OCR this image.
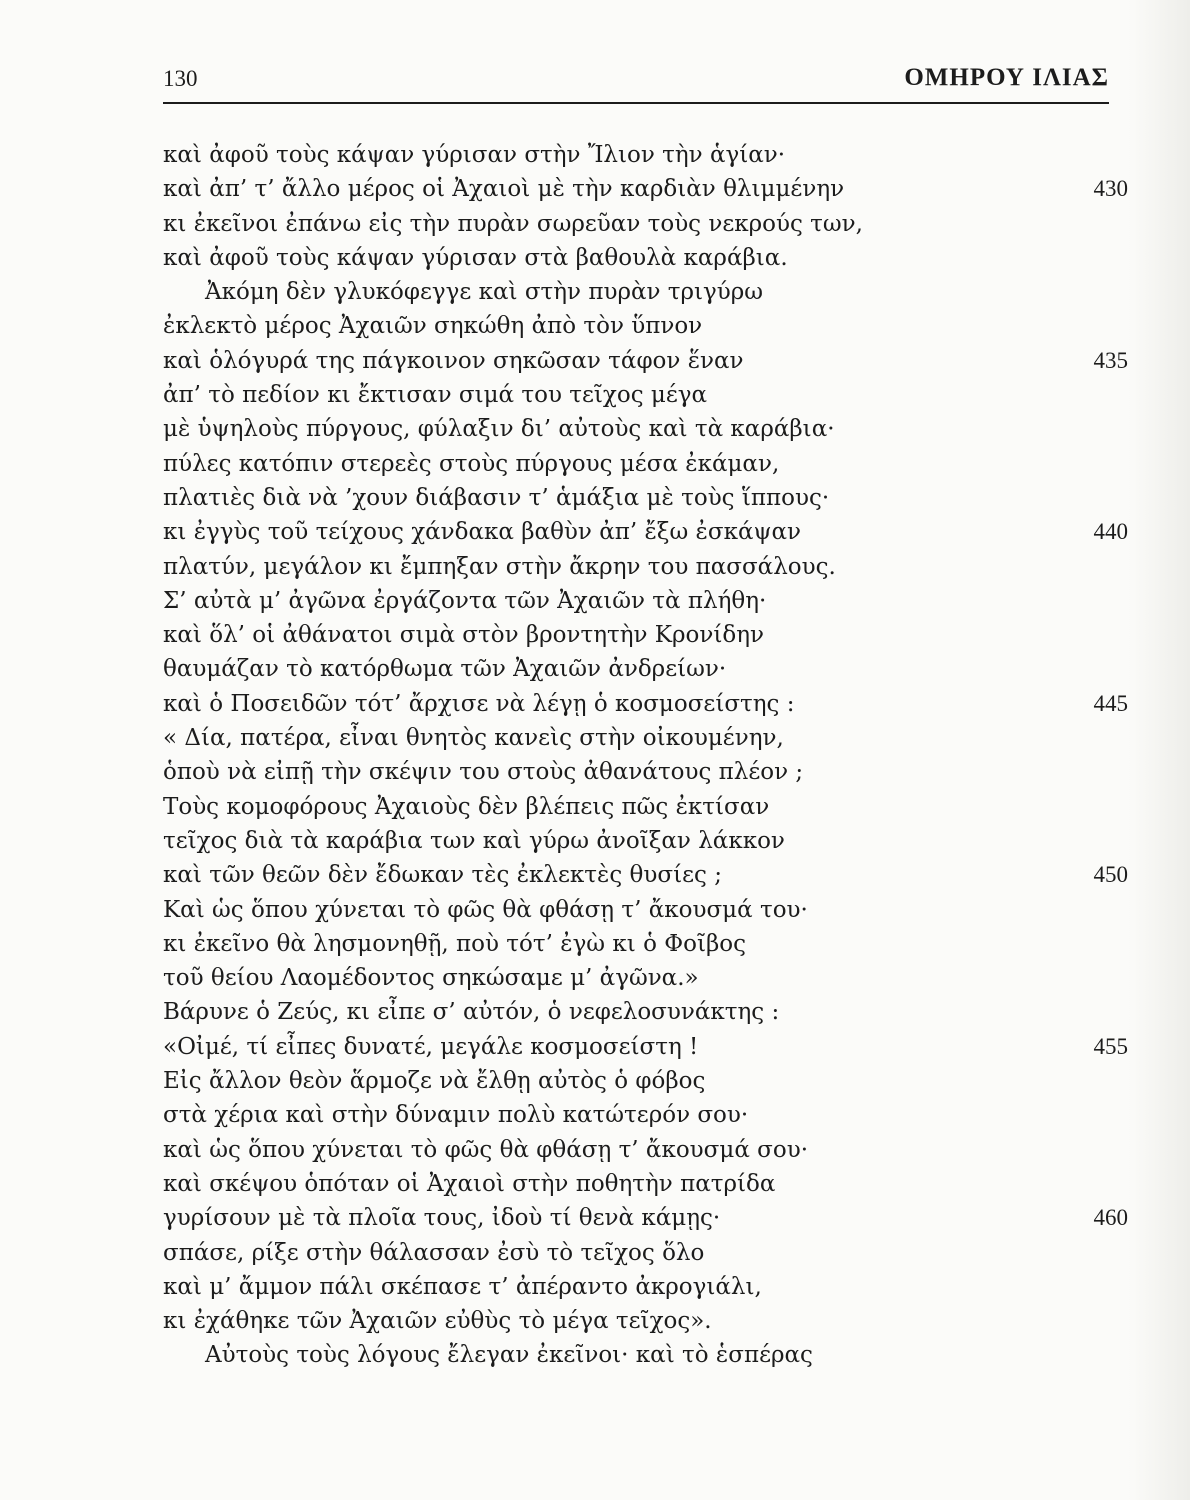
130	ΟΜΗΡΟΥ ΙΛΙΑΣ
καὶ ἀφοῦ τοὺς κάψαν γύρισαν στὴν Ἴλιον τὴν ἁγίαν·
καὶ ἀπ’ τ’ ἄλλο μέρος οἱ Ἀχαιοὶ μὲ τὴν καρδιὰν θλιμμένην	430
κι ἐκεῖνοι ἐπάνω εἰς τὴν πυρὰν σωρεῦαν τοὺς νεκρούς των,
καὶ ἀφοῦ τοὺς κάψαν γύρισαν στὰ βαθουλὰ καράβια.
Ἀκόμη δὲν γλυκόφεγγε καὶ στὴν πυρὰν τριγύρω
ἐκλεκτὸ μέρος Ἀχαιῶν σηκώθη ἀπὸ τὸν ὕπνον
καὶ ὁλόγυρά της πάγκοινον σηκῶσαν τάφον ἕναν	435
ἀπ’ τὸ πεδίον κι ἔκτισαν σιμά του τεῖχος μέγα
μὲ ὑψηλοὺς πύργους, φύλαξιν δι’ αὐτοὺς καὶ τὰ καράβια·
πύλες κατόπιν στερεὲς στοὺς πύργους μέσα ἐκάμαν,
πλατιὲς διὰ νὰ ’χουν διάβασιν τ’ ἁμάξια μὲ τοὺς ἵππους·
κι ἐγγὺς τοῦ τείχους χάνδακα βαθὺν ἀπ’ ἔξω ἐσκάψαν	440
πλατύν, μεγάλον κι ἔμπηξαν στὴν ἄκρην του πασσάλους.
Σ’ αὐτὰ μ’ ἀγῶνα ἐργάζοντα τῶν Ἀχαιῶν τὰ πλήθη·
καὶ ὅλ’ οἱ ἀθάνατοι σιμὰ στὸν βροντητὴν Κρονίδην
θαυμάζαν τὸ κατόρθωμα τῶν Ἀχαιῶν ἀνδρείων·
καὶ ὁ Ποσειδῶν τότ’ ἄρχισε νὰ λέγῃ ὁ κοσμοσείστης :	445
« Δία, πατέρα, εἶναι θνητὸς κανεὶς στὴν οἰκουμένην,
ὁποὺ νὰ εἰπῇ τὴν σκέψιν του στοὺς ἀθανάτους πλέον ;
Τοὺς κομοφόρους Ἀχαιοὺς δὲν βλέπεις πῶς ἐκτίσαν
τεῖχος διὰ τὰ καράβια των καὶ γύρω ἀνοῖξαν λάκκον
καὶ τῶν θεῶν δὲν ἔδωκαν τὲς ἐκλεκτὲς θυσίες ;	450
Καὶ ὡς ὅπου χύνεται τὸ φῶς θὰ φθάσῃ τ’ ἄκουσμά του·
κι ἐκεῖνο θὰ λησμονηθῇ, ποὺ τότ’ ἐγὼ κι ὁ Φοῖβος
τοῦ θείου Λαομέδοντος σηκώσαμε μ’ ἀγῶνα.»
Βάρυνε ὁ Ζεύς, κι εἶπε σ’ αὐτόν, ὁ νεφελοσυνάκτης :
«Οἰμέ, τί εἶπες δυνατέ, μεγάλε κοσμοσείστη !	455
Εἰς ἄλλον θεὸν ἅρμοζε νὰ ἔλθῃ αὐτὸς ὁ φόβος
στὰ χέρια καὶ στὴν δύναμιν πολὺ κατώτερόν σου·
καὶ ὡς ὅπου χύνεται τὸ φῶς θὰ φθάσῃ τ’ ἄκουσμά σου·
καὶ σκέψου ὁπόταν οἱ Ἀχαιοὶ στὴν ποθητὴν πατρίδα
γυρίσουν μὲ τὰ πλοῖα τους, ἰδοὺ τί θενὰ κάμῃς·	460
σπάσε, ρίξε στὴν θάλασσαν ἐσὺ τὸ τεῖχος ὅλο
καὶ μ’ ἄμμον πάλι σκέπασε τ’ ἀπέραντο ἀκρογιάλι,
κι ἐχάθηκε τῶν Ἀχαιῶν εὐθὺς τὸ μέγα τεῖχος».
Αὐτοὺς τοὺς λόγους ἔλεγαν ἐκεῖνοι· καὶ τὸ ἑσπέρας
